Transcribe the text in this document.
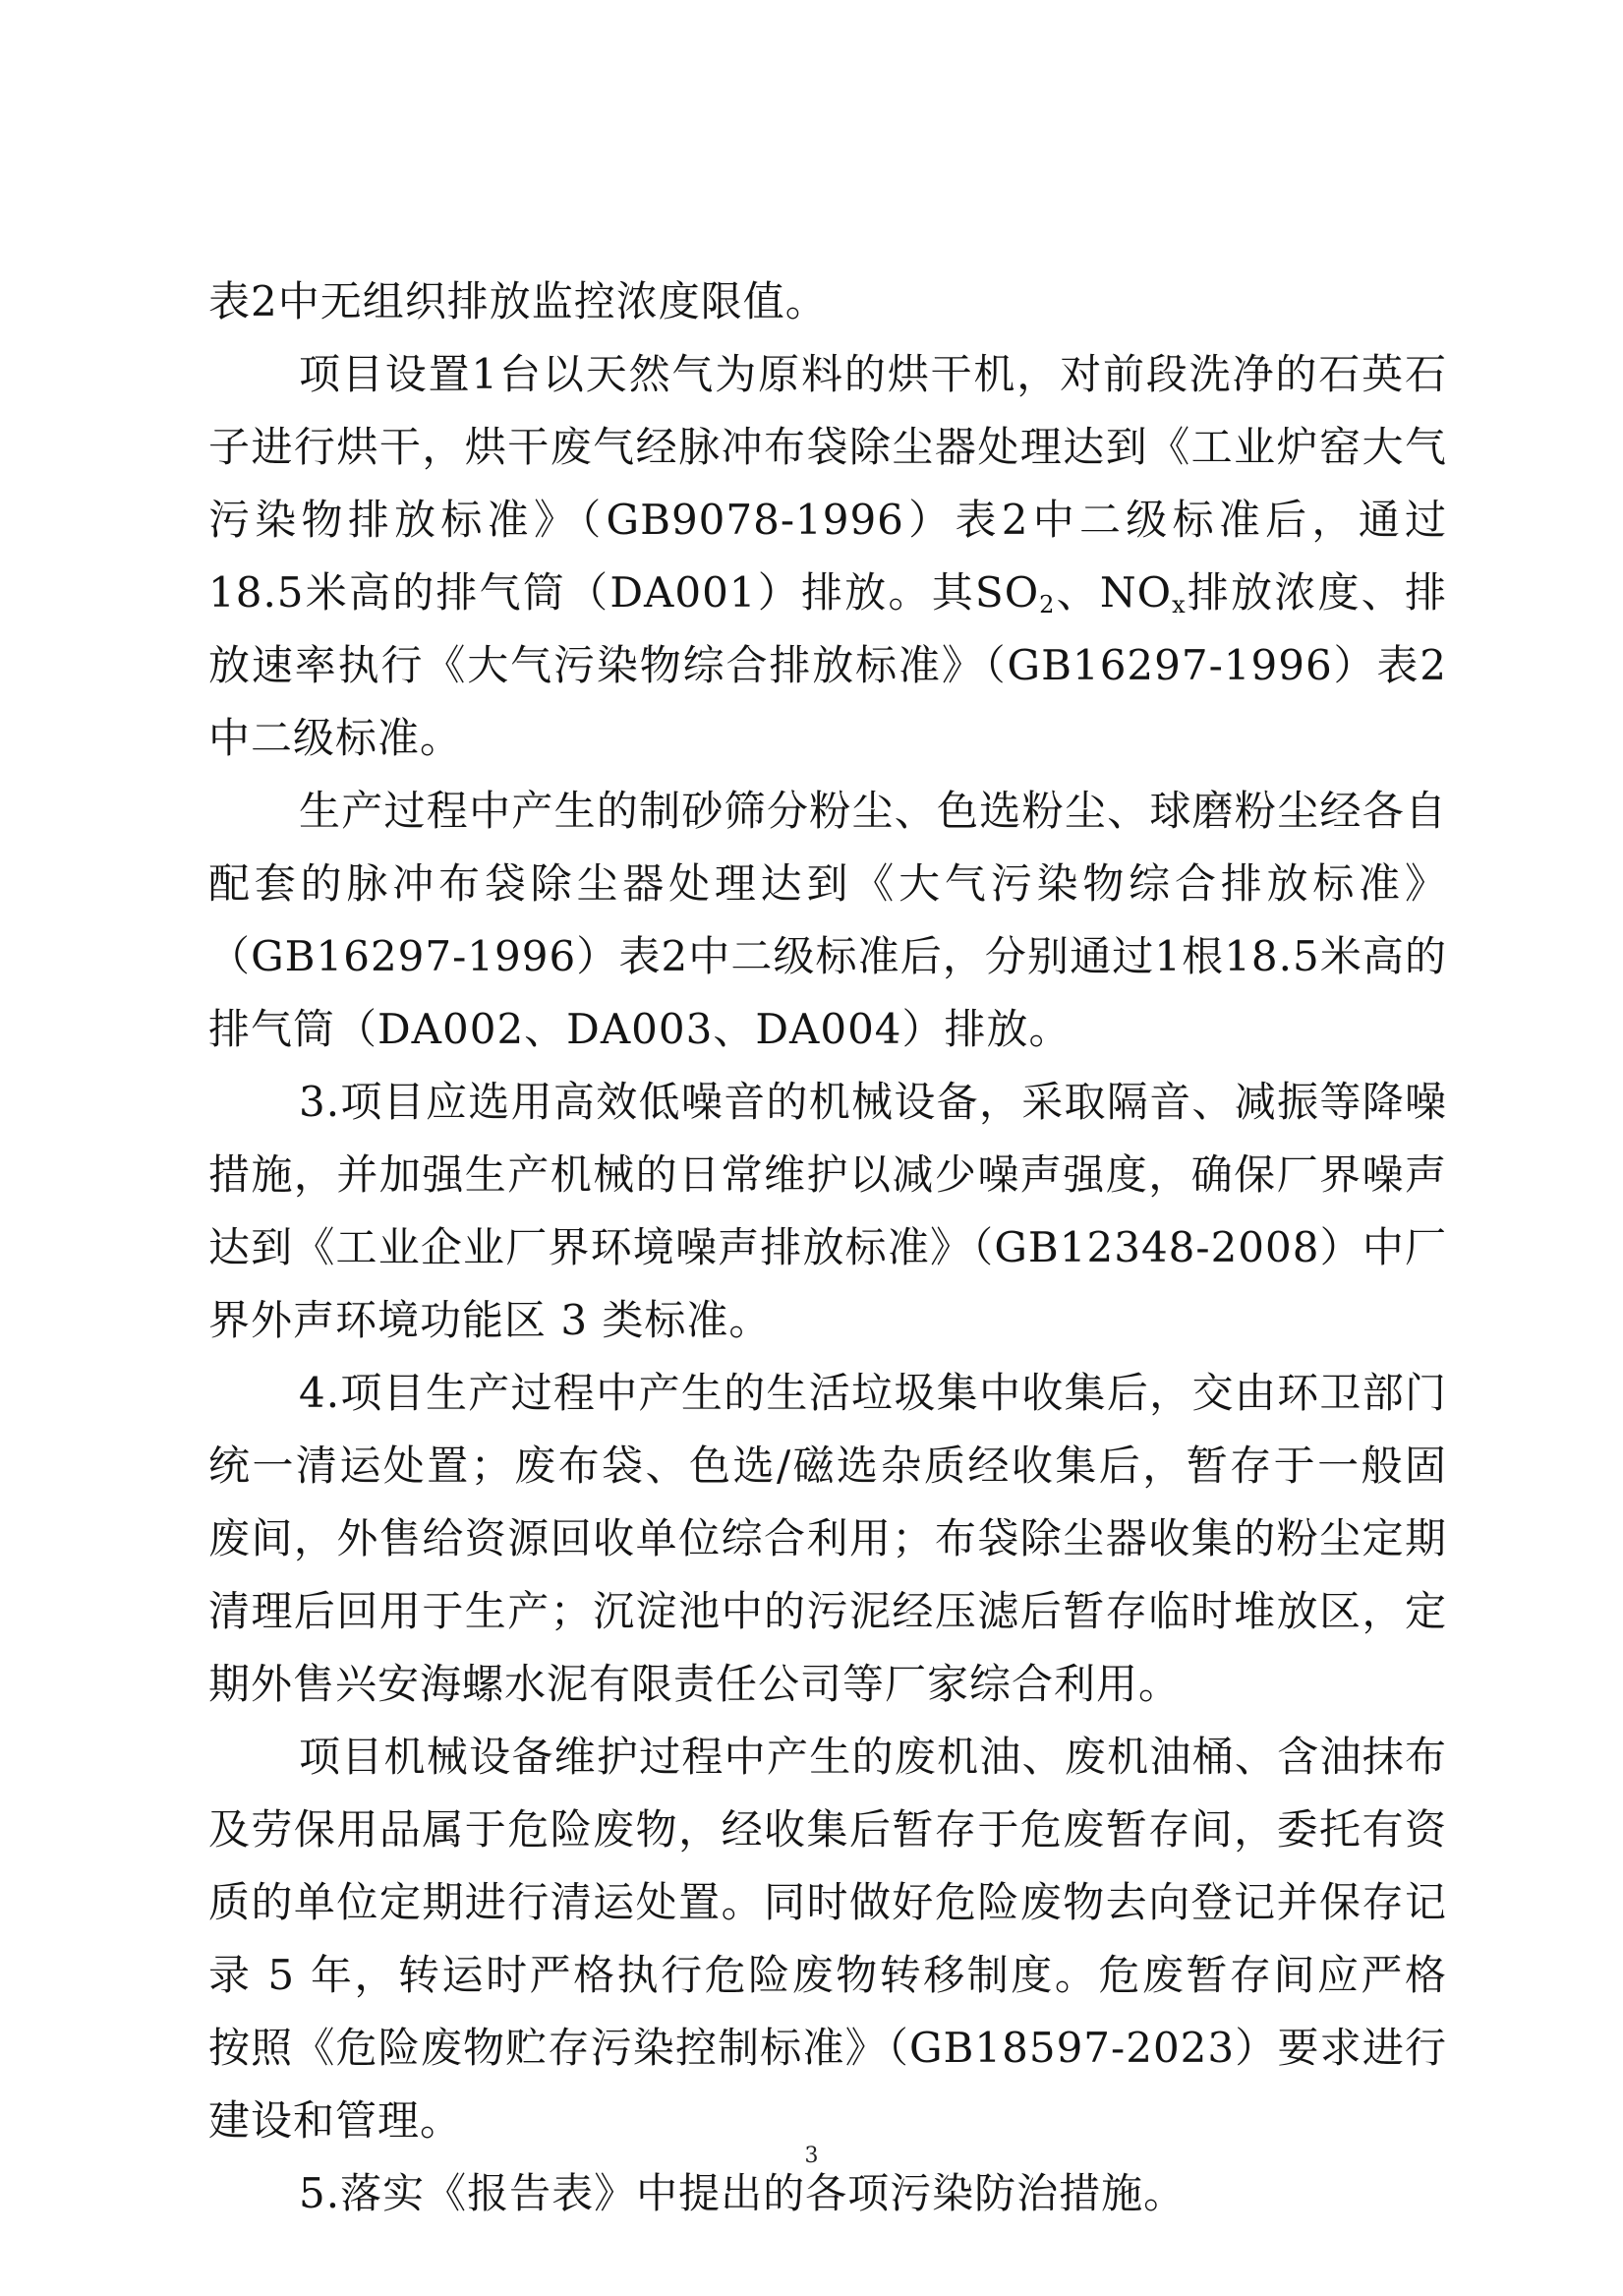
表2中无组织排放监控浓度限值。

项目设置1台以天然气为原料的烘干机，对前段洗净的石英石子进行烘干，烘干废气经脉冲布袋除尘器处理达到《工业炉窑大气污染物排放标准》（GB9078-1996）表2中二级标准后，通过18.5米高的排气筒（DA001）排放。其$SO_2$、$NO_x$排放浓度、排放速率执行《大气污染物综合排放标准》（GB16297-1996）表2中二级标准。

生产过程中产生的制砂筛分粉尘、色选粉尘、球磨粉尘经各自配套的脉冲布袋除尘器处理达到《大气污染物综合排放标准》（GB16297-1996）表2中二级标准后，分别通过1根18.5米高的排气筒（DA002、DA003、DA004）排放。

3.项目应选用高效低噪音的机械设备，采取隔音、减振等降噪措施，并加强生产机械的日常维护以减少噪声强度，确保厂界噪声达到《工业企业厂界环境噪声排放标准》（GB12348-2008）中厂界外声环境功能区 3 类标准。

4.项目生产过程中产生的生活垃圾集中收集后，交由环卫部门统一清运处置；废布袋、色选/磁选杂质经收集后，暂存于一般固废间，外售给资源回收单位综合利用；布袋除尘器收集的粉尘定期清理后回用于生产；沉淀池中的污泥经压滤后暂存临时堆放区，定期外售兴安海螺水泥有限责任公司等厂家综合利用。

项目机械设备维护过程中产生的废机油、废机油桶、含油抹布及劳保用品属于危险废物，经收集后暂存于危废暂存间，委托有资质的单位定期进行清运处置。同时做好危险废物去向登记并保存记录 5 年，转运时严格执行危险废物转移制度。危废暂存间应严格按照《危险废物贮存污染控制标准》（GB18597-2023）要求进行建设和管理。

5.落实《报告表》中提出的各项污染防治措施。

3
